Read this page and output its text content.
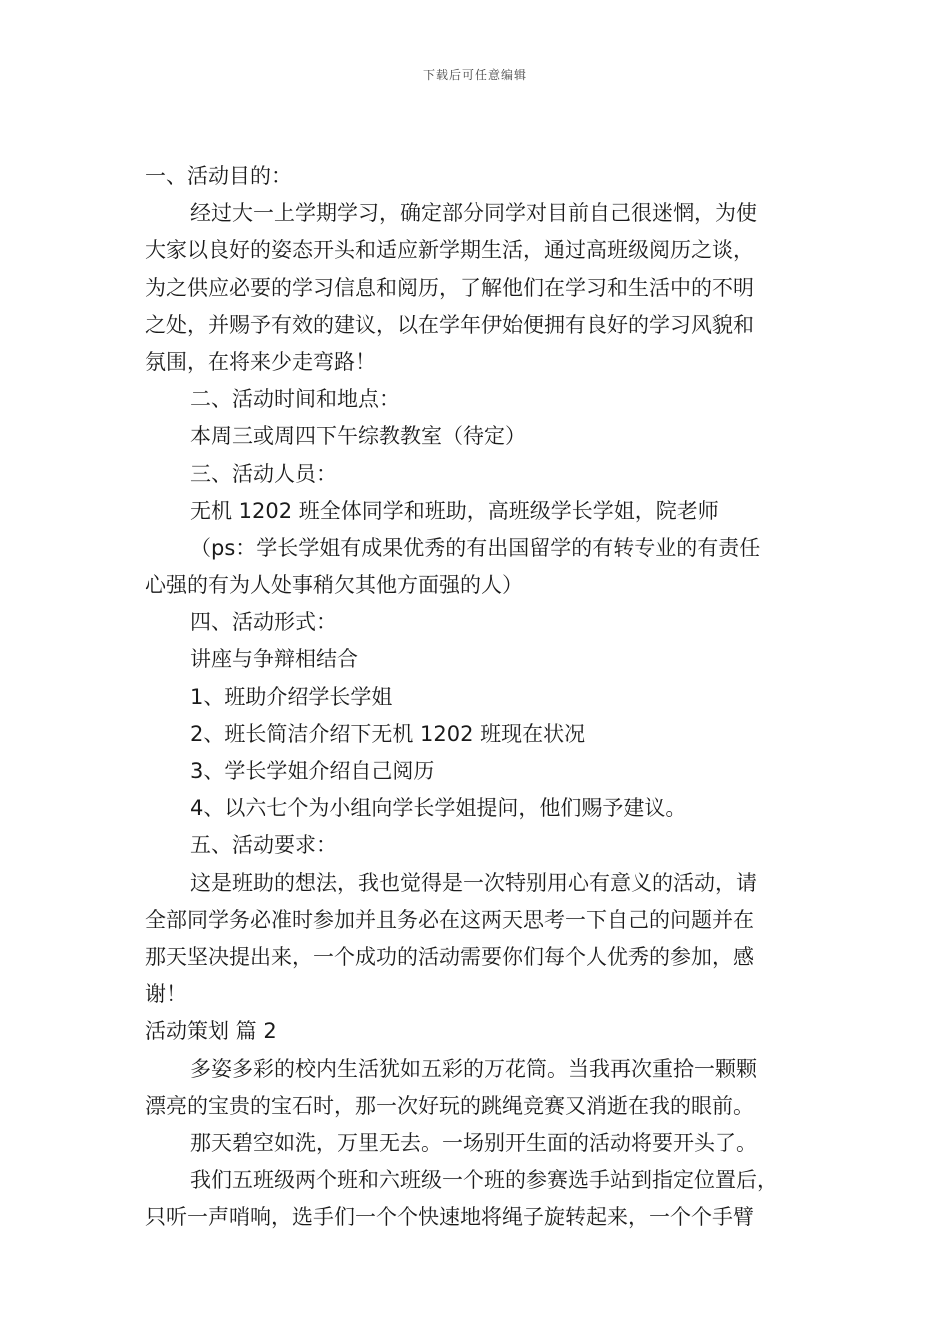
下载后可任意编辑
一、活动目的：
经过大一上学期学习，确定部分同学对目前自己很迷惘，为使
大家以良好的姿态开头和适应新学期生活，通过高班级阅历之谈，
为之供应必要的学习信息和阅历，了解他们在学习和生活中的不明
之处，并赐予有效的建议，以在学年伊始便拥有良好的学习风貌和
氛围，在将来少走弯路！
二、活动时间和地点：
本周三或周四下午综教教室（待定）
三、活动人员：
无机 1202 班全体同学和班助，高班级学长学姐，院老师
（ps：学长学姐有成果优秀的有出国留学的有转专业的有责任
心强的有为人处事稍欠其他方面强的人）
四、活动形式：
讲座与争辩相结合
1、班助介绍学长学姐
2、班长简洁介绍下无机 1202 班现在状况
3、学长学姐介绍自己阅历
4、以六七个为小组向学长学姐提问，他们赐予建议。
五、活动要求：
这是班助的想法，我也觉得是一次特别用心有意义的活动，请
全部同学务必准时参加并且务必在这两天思考一下自己的问题并在
那天坚决提出来，一个成功的活动需要你们每个人优秀的参加，感
谢！
活动策划 篇 2
多姿多彩的校内生活犹如五彩的万花筒。当我再次重拾一颗颗
漂亮的宝贵的宝石时，那一次好玩的跳绳竞赛又消逝在我的眼前。
那天碧空如洗，万里无去。一场别开生面的活动将要开头了。
我们五班级两个班和六班级一个班的参赛选手站到指定位置后，
只听一声哨响，选手们一个个快速地将绳子旋转起来，一个个手臂
